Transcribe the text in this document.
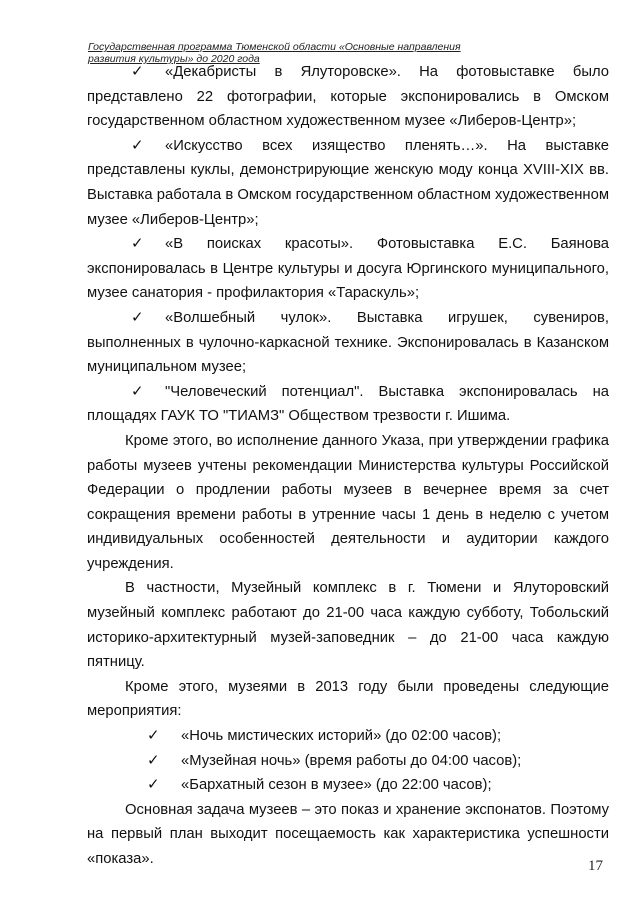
Государственная программа Тюменской области «Основные направления
развития культуры» до 2020 года

✓ «Декабристы в Ялуторовске». На фотовыставке было представлено 22 фотографии, которые экспонировались в Омском государственном областном художественном музее «Либеров-Центр»;

✓ «Искусство всех изящество пленять…». На выставке представлены куклы, демонстрирующие женскую моду конца XVIII-XIX вв. Выставка работала в Омском государственном областном художественном музее «Либеров-Центр»;

✓ «В поисках красоты». Фотовыставка Е.С. Баянова экспонировалась в Центре культуры и досуга Юргинского муниципального, музее санатория - профилактория «Тараскуль»;

✓ «Волшебный чулок». Выставка игрушек, сувениров, выполненных в чулочно-каркасной технике. Экспонировалась в Казанском муниципальном музее;

✓ "Человеческий потенциал". Выставка экспонировалась на площадях ГАУК ТО "ТИАМЗ" Обществом трезвости г. Ишима.

Кроме этого, во исполнение данного Указа, при утверждении графика работы музеев учтены рекомендации Министерства культуры Российской Федерации о продлении работы музеев в вечернее время за счет сокращения времени работы в утренние часы 1 день в неделю с учетом индивидуальных особенностей деятельности и аудитории каждого учреждения.

В частности, Музейный комплекс в г. Тюмени и Ялуторовский музейный комплекс работают до 21-00 часа каждую субботу, Тобольский историко-архитектурный музей-заповедник – до 21-00 часа каждую пятницу.

Кроме этого, музеями в 2013 году были проведены следующие мероприятия:

✓ «Ночь мистических историй» (до 02:00 часов);

✓ «Музейная ночь» (время работы до 04:00 часов);

✓ «Бархатный сезон в музее» (до 22:00 часов);

Основная задача музеев – это показ и хранение экспонатов. Поэтому на первый план выходит посещаемость как характеристика успешности «показа».	17
